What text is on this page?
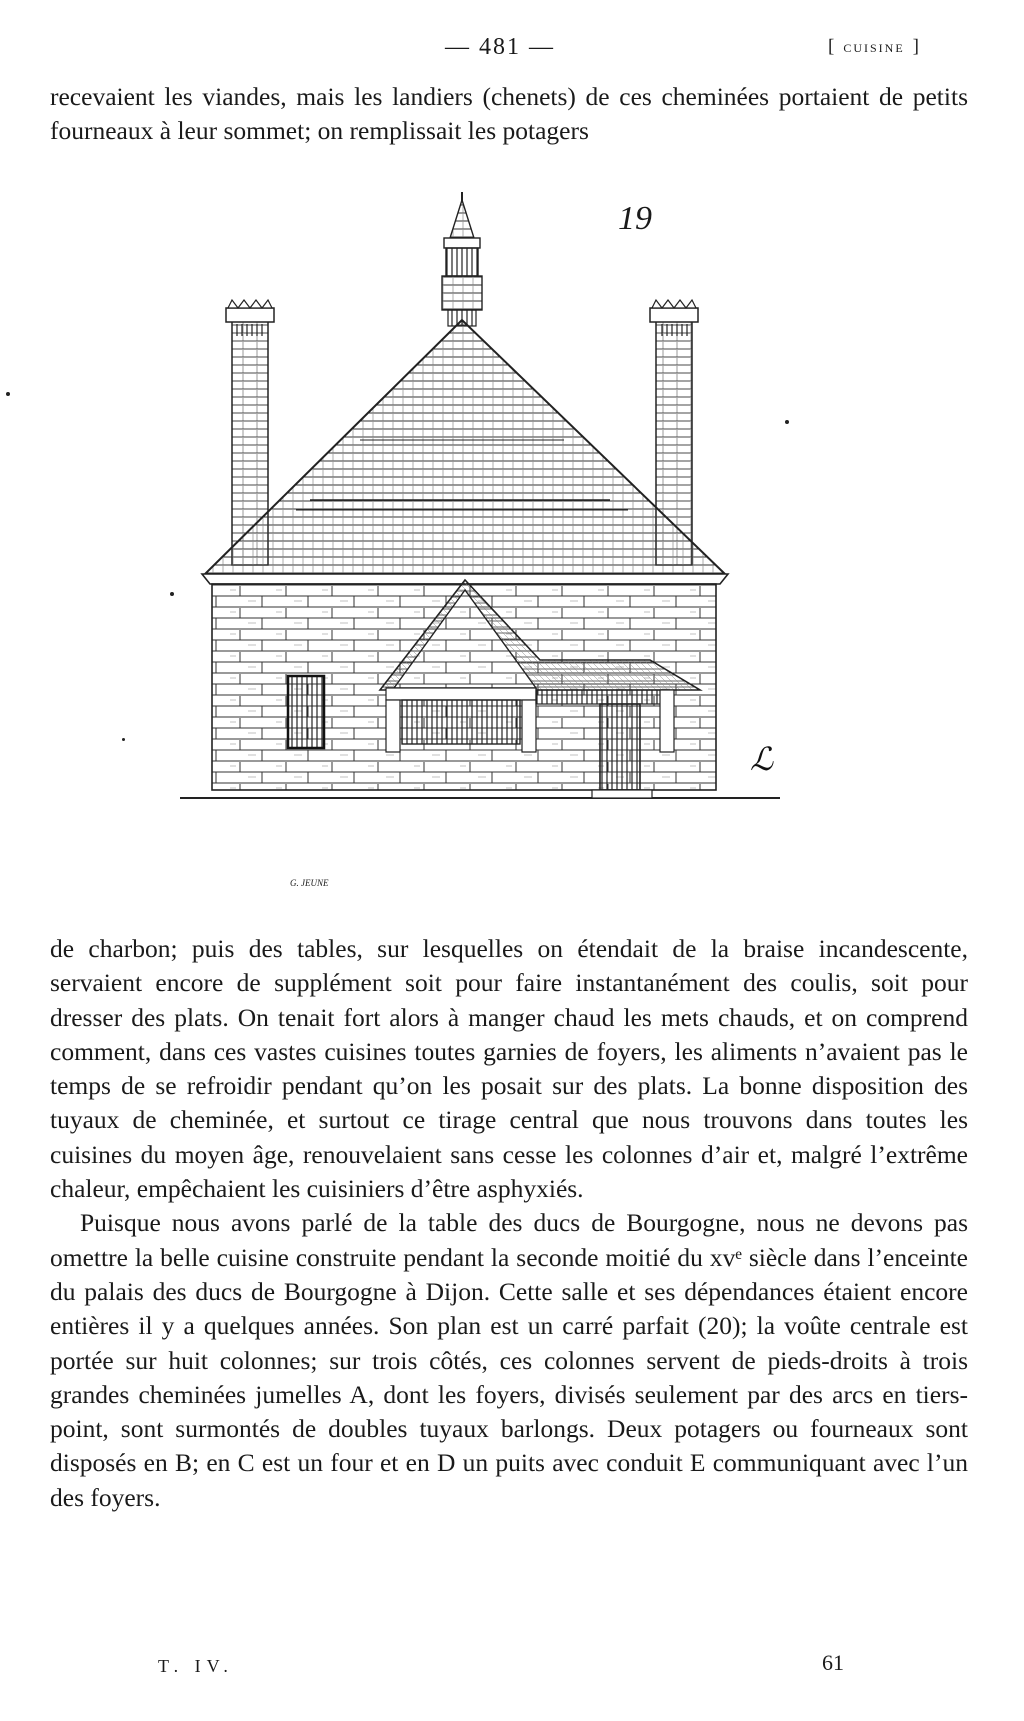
— 481 —	[ cuisine ]

recevaient les viandes, mais les landiers (chenets) de ces cheminées portaient de petits fourneaux à leur sommet; on remplissait les potagers

19
ℒ
G. JEUNE

de charbon; puis des tables, sur lesquelles on étendait de la braise incandescente, servaient encore de supplément soit pour faire instantanément des coulis, soit pour dresser des plats. On tenait fort alors à manger chaud les mets chauds, et on comprend comment, dans ces vastes cuisines toutes garnies de foyers, les aliments n’avaient pas le temps de se refroidir pendant qu’on les posait sur des plats. La bonne disposition des tuyaux de cheminée, et surtout ce tirage central que nous trouvons dans toutes les cuisines du moyen âge, renouvelaient sans cesse les colonnes d’air et, malgré l’extrême chaleur, empêchaient les cuisiniers d’être asphyxiés.

Puisque nous avons parlé de la table des ducs de Bourgogne, nous ne devons pas omettre la belle cuisine construite pendant la seconde moitié du xvᵉ siècle dans l’enceinte du palais des ducs de Bourgogne à Dijon. Cette salle et ses dépendances étaient encore entières il y a quelques années. Son plan est un carré parfait (20); la voûte centrale est portée sur huit colonnes; sur trois côtés, ces colonnes servent de pieds-droits à trois grandes cheminées jumelles A, dont les foyers, divisés seulement par des arcs en tiers-point, sont surmontés de doubles tuyaux barlongs. Deux potagers ou fourneaux sont disposés en B; en C est un four et en D un puits avec conduit E communiquant avec l’un des foyers.

T. IV.	61
